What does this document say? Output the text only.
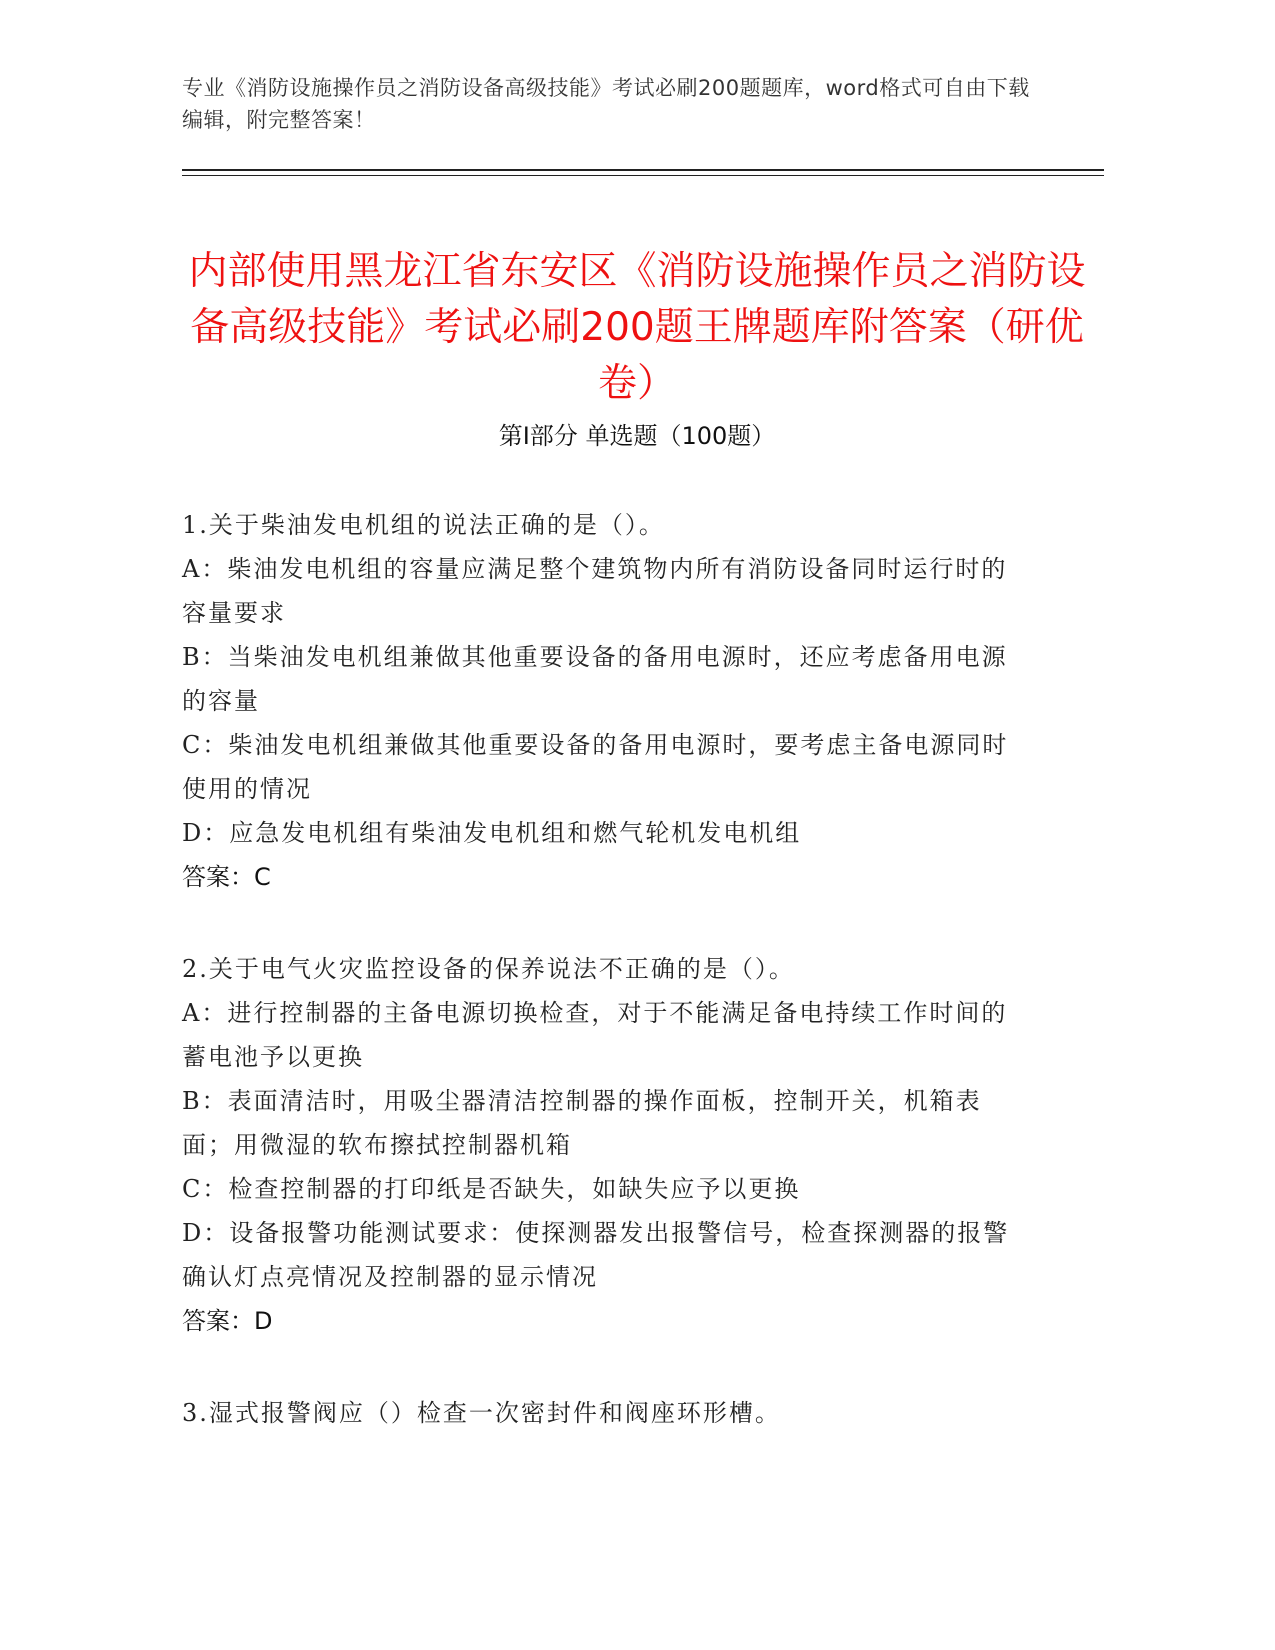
专业《消防设施操作员之消防设备高级技能》考试必刷200题题库，word格式可自由下载编辑，附完整答案！
内部使用黑龙江省东安区《消防设施操作员之消防设备高级技能》考试必刷200题王牌题库附答案（研优卷）
第Ⅰ部分 单选题（100题）

1.关于柴油发电机组的说法正确的是（）。

A：柴油发电机组的容量应满足整个建筑物内所有消防设备同时运行时的容量要求

B：当柴油发电机组兼做其他重要设备的备用电源时，还应考虑备用电源的容量

C：柴油发电机组兼做其他重要设备的备用电源时，要考虑主备电源同时使用的情况

D：应急发电机组有柴油发电机组和燃气轮机发电机组

答案：C

2.关于电气火灾监控设备的保养说法不正确的是（）。

A：进行控制器的主备电源切换检查，对于不能满足备电持续工作时间的蓄电池予以更换

B：表面清洁时，用吸尘器清洁控制器的操作面板，控制开关，机箱表面；用微湿的软布擦拭控制器机箱

C：检查控制器的打印纸是否缺失，如缺失应予以更换

D：设备报警功能测试要求：使探测器发出报警信号，检查探测器的报警确认灯点亮情况及控制器的显示情况

答案：D

3.湿式报警阀应（）检查一次密封件和阀座环形槽。
